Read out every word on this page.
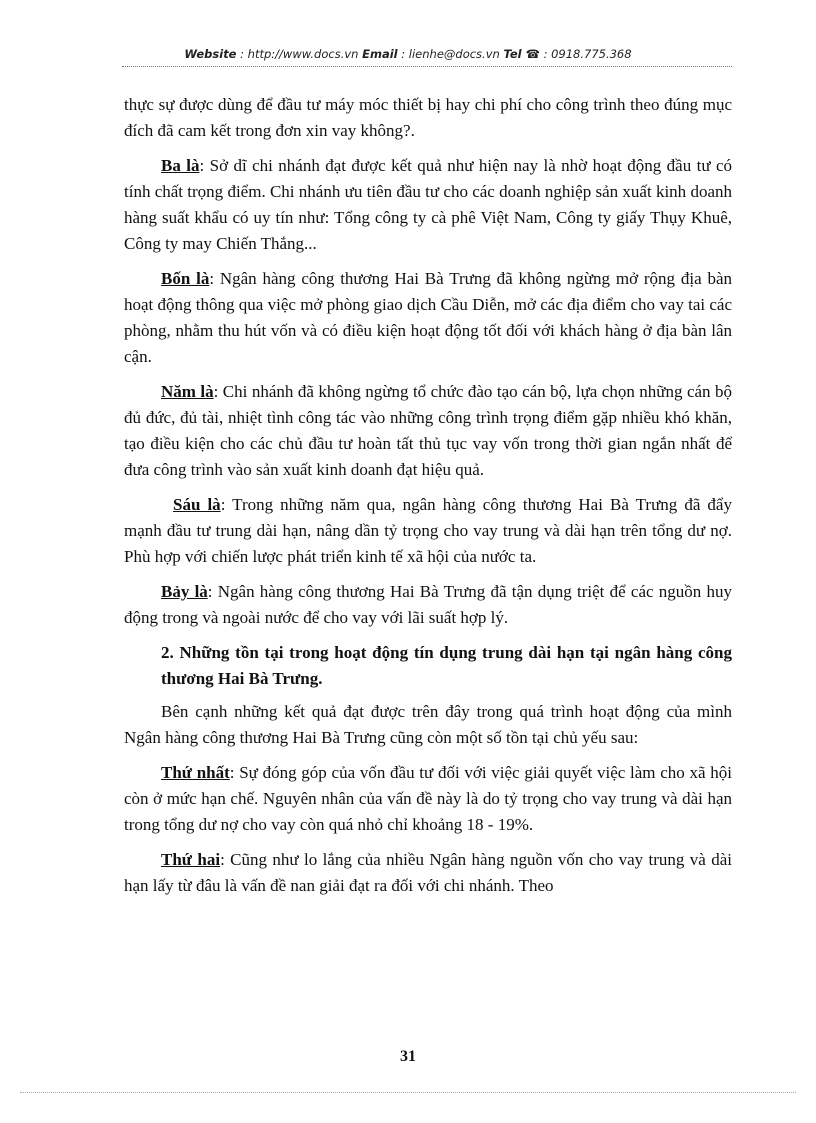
Website : http://www.docs.vn Email : lienhe@docs.vn Tel ☎ : 0918.775.368

thực sự được dùng để đầu tư máy móc thiết bị hay chi phí cho công trình theo đúng mục đích đã cam kết trong đơn xin vay không?.

Ba là: Sở dĩ chi nhánh đạt được kết quả như hiện nay là nhờ hoạt động đầu tư có tính chất trọng điểm. Chi nhánh ưu tiên đầu tư cho các doanh nghiệp sản xuất kinh doanh hàng suất khẩu có uy tín như: Tổng công ty cà phê Việt Nam, Công ty giấy Thụy Khuê, Công ty may Chiến Thắng...

Bốn là: Ngân hàng công thương Hai Bà Trưng đã không ngừng mở rộng địa bàn hoạt động thông qua việc mở phòng giao dịch Cầu Diễn, mở các địa điểm cho vay tai các phòng, nhằm thu hút vốn và có điều kiện hoạt động tốt đối với khách hàng ở địa bàn lân cận.

Năm là: Chi nhánh đã không ngừng tổ chức đào tạo cán bộ, lựa chọn những cán bộ đủ đức, đủ tài, nhiệt tình công tác vào những công trình trọng điểm gặp nhiều khó khăn, tạo điều kiện cho các chủ đầu tư hoàn tất thủ tục vay vốn trong thời gian ngắn nhất để đưa công trình vào sản xuất kinh doanh đạt hiệu quả.

Sáu là: Trong những năm qua, ngân hàng công thương Hai Bà Trưng đã đẩy mạnh đầu tư trung dài hạn, nâng dần tỷ trọng cho vay trung và dài hạn trên tổng dư nợ. Phù hợp với chiến lược phát triển kinh tế xã hội của nước ta.

Bảy là: Ngân hàng công thương Hai Bà Trưng đã tận dụng triệt để các nguồn huy động trong và ngoài nước để cho vay với lãi suất hợp lý.

2. Những tồn tại trong hoạt động tín dụng trung dài hạn tại ngân hàng công thương Hai Bà Trưng.

Bên cạnh những kết quả đạt được trên đây trong quá trình hoạt động của mình Ngân hàng công thương Hai Bà Trưng cũng còn một số tồn tại chủ yếu sau:

Thứ nhất: Sự đóng góp của vốn đầu tư đối với việc giải quyết việc làm cho xã hội còn ở mức hạn chế. Nguyên nhân của vấn đề này là do tỷ trọng cho vay trung và dài hạn trong tổng dư nợ cho vay còn quá nhỏ chỉ khoảng 18 - 19%.

Thứ hai: Cũng như lo lắng của nhiều Ngân hàng nguồn vốn cho vay trung và dài hạn lấy từ đâu là vấn đề nan giải đạt ra đối với chi nhánh. Theo

31
